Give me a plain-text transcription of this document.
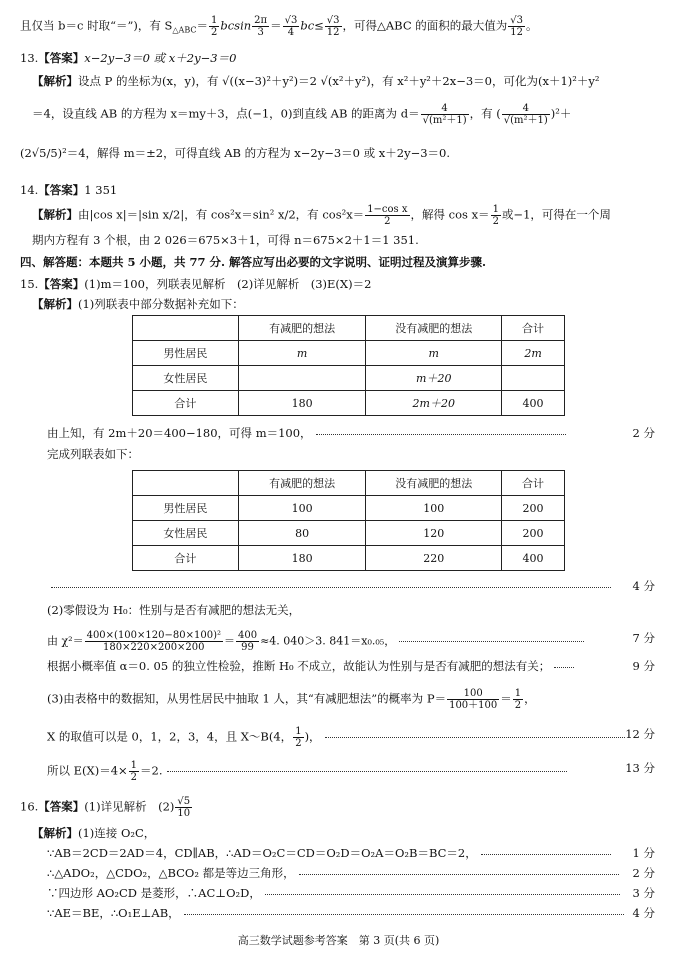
且仅当 b＝c 时取“＝”)，有 $S_{\triangle ABC}= \frac{1}{2}$ bcsin $\frac{2\pi}{3} = \frac{√3}{4} bc\le \frac{√3}{12}$ ，可得△ABC 的面积的最大值为 $\frac{√3}{12}$ 。
13.【答案】x−2y−3＝0 或 x＋2y−3＝0
【解析】设点 P 的坐标为(x，y)，有 √((x−3)²＋y²)＝2 √(x²＋y²)，有 x²＋y²＋2x−3＝0，可化为(x＋1)²＋y²
＝4，设直线 AB 的方程为 x＝my＋3，点(−1，0)到直线 AB 的距离为 $d= \frac{4}{\text{√(m²＋1)}}$ ，有 ( $\frac{4}{\text{√(m²＋1)}} )^2+$
(2√5/5)²＝4，解得 m＝±2，可得直线 AB 的方程为 x−2y−3＝0 或 x＋2y−3＝0.
14.【答案】1 351
【解析】由|cos x|＝|sin x/2|，有 cos²x＝sin² x/2，有 $\cos^2x= \frac{\text{1−cos x}}{2}$ ，解得 $\cos x= \frac{1}{2}$ 或−1，可得在一个周
期内方程有 3 个根，由 2 026＝675×3＋1，可得 n＝675×2＋1＝1 351.
四、解答题：本题共 5 小题，共 77 分. 解答应写出必要的文字说明、证明过程及演算步骤.
15.【答案】(1)m＝100，列联表见解析　(2)详见解析　(3)E(X)＝2
【解析】(1)列联表中部分数据补充如下：
	有减肥的想法	没有减肥的想法	合计
男性居民	m	m	2m
女性居民		m＋20	
合计	180	2m＋20	400
由上知，有 2m＋20＝400−180，可得 m＝100，	2 分
完成列联表如下：
	有减肥的想法	没有减肥的想法	合计
男性居民	100	100	200
女性居民	80	120	200
合计	180	220	400
4 分
(2)零假设为 H₀：性别与是否有减肥的想法无关，
由 $\chi^2= \frac{\text{400×(100×120−80×100)²}}{180\times 220\times 200\times 200} = \frac{400}{99} \approx 4$. 040＞3. 841＝x₀.₀₅，	7 分
根据小概率值 α＝0. 05 的独立性检验，推断 H₀ 不成立，故能认为性别与是否有减肥的想法有关；	9 分
(3)由表格中的数据知，从男性居民中抽取 1 人，其“有减肥想法”的概率为 $P= \frac{100}{100+100} = \frac{1}{2}$ ，
X 的取值可以是 0，1，2，3，4，且 X～B(4， $\frac{1}{2}$ )，	12 分
所以 $E(X)=4\times \frac{1}{2} =2$.	13 分
16.【答案】(1)详见解析　$(2) \frac{√5}{10}$
【解析】(1)连接 O₂C，
∵AB＝2CD＝2AD＝4，CD∥AB，∴AD＝O₂C＝CD＝O₂D＝O₂A＝O₂B＝BC＝2，	1 分
∴△ADO₂，△CDO₂，△BCO₂ 都是等边三角形，	2 分
∵四边形 AO₂CD 是菱形，∴AC⊥O₂D，	3 分
∵AE＝BE，∴O₁E⊥AB，	4 分
高三数学试题参考答案　第 3 页(共 6 页)
